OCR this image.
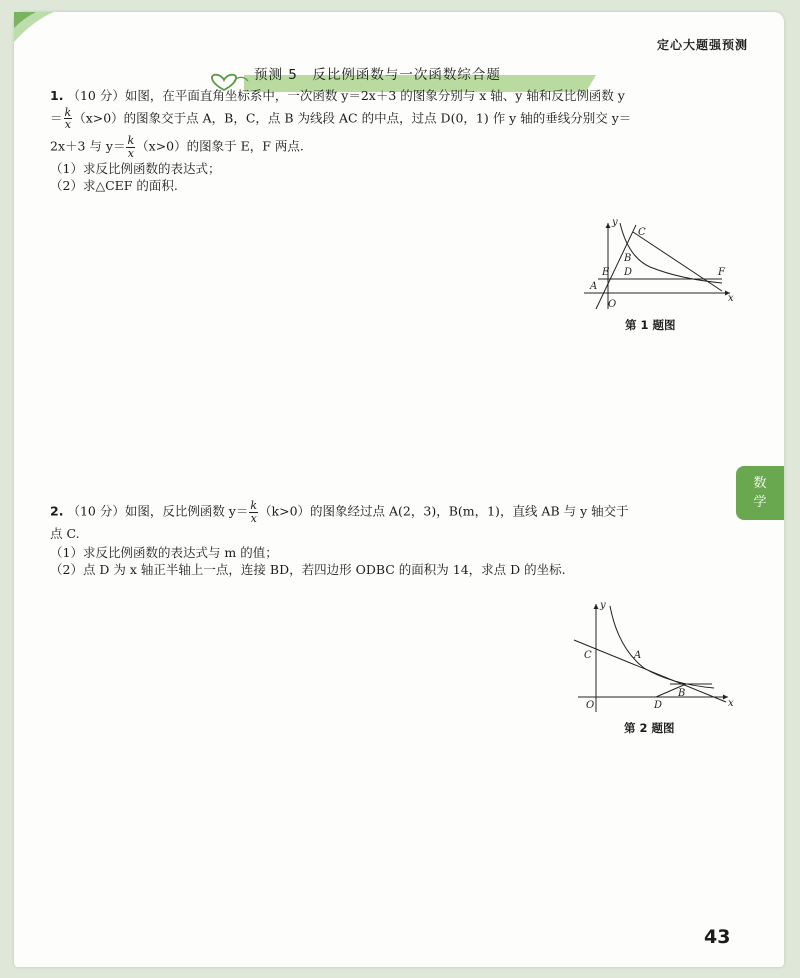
定心大题强预测
预测 5　反比例函数与一次函数综合题
1. （10 分）如图，在平面直角坐标系中，一次函数 y＝2x＋3 的图象分别与 x 轴、y 轴和反比例函数 y
＝ $\frac{k}{x} (x>0)$的图象交于点 A，B，C，点 B 为线段 AC 的中点，过点 D(0，1) 作 y 轴的垂线分别交 y＝
2x＋3 与 $y= \frac{k}{x} (x>0)$的图象于 E，F 两点.
（1）求反比例函数的表达式；
（2）求△CEF 的面积.
y
x
C
B
D
E	F
A
O
第 1 题图
2. （10 分）如图，反比例函数 $y= \frac{k}{x} (k>0)$的图象经过点 A(2，3)，B(m，1)，直线 AB 与 y 轴交于
点 C.
（1）求反比例函数的表达式与 m 的值；
（2）点 D 为 x 轴正半轴上一点，连接 BD，若四边形 ODBC 的面积为 14，求点 D 的坐标.
y
x
C	A
B
D
O
第 2 题图
43
数
学
